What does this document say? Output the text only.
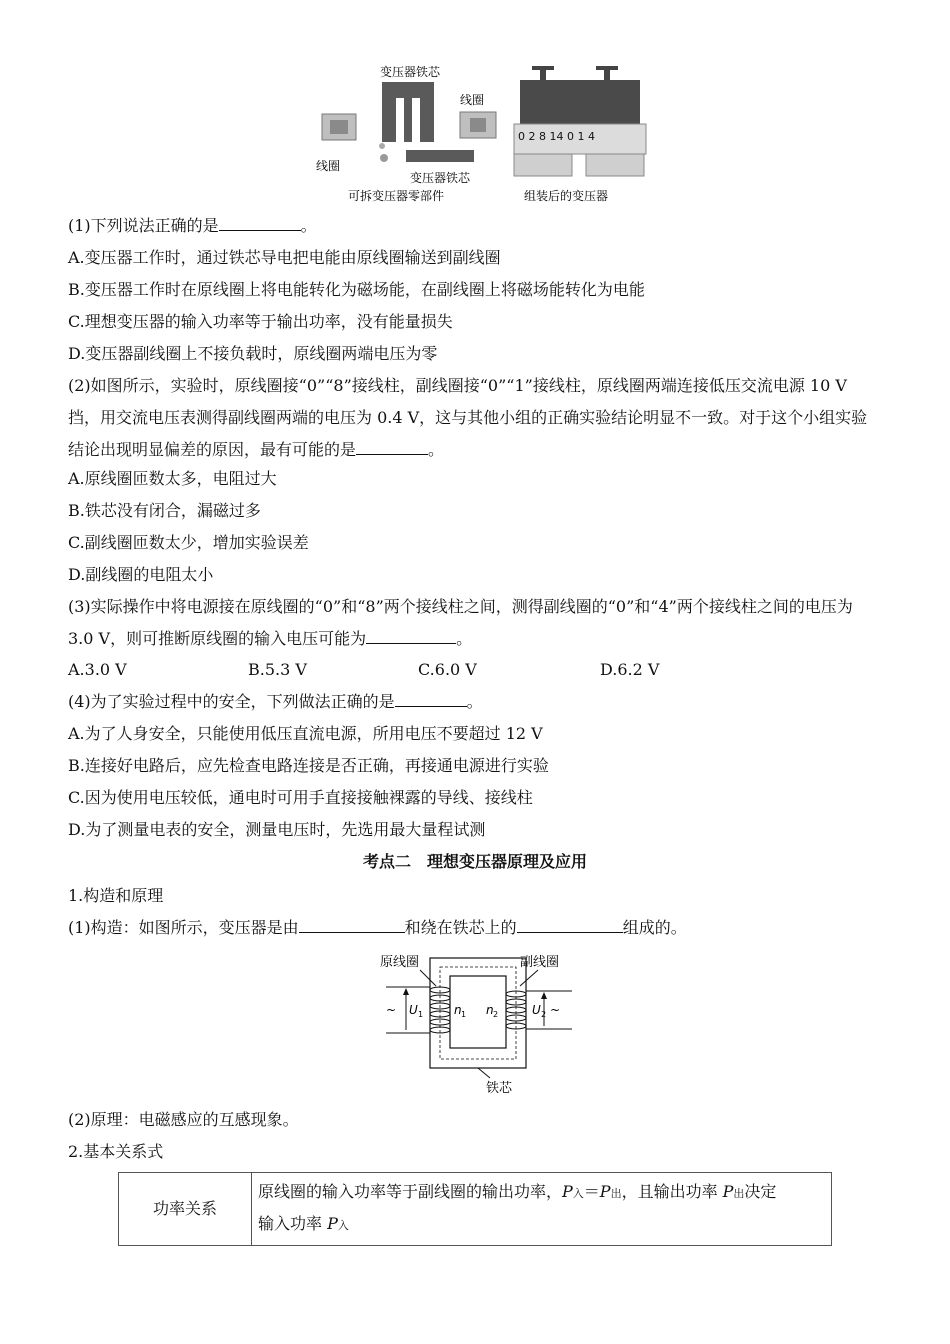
变压器铁芯
线圈
线圈
变压器铁芯
可拆变压器零部件
0 2 8 14 0 1 4
组装后的变压器
(1)下列说法正确的是	。
A.变压器工作时，通过铁芯导电把电能由原线圈输送到副线圈
B.变压器工作时在原线圈上将电能转化为磁场能，在副线圈上将磁场能转化为电能
C.理想变压器的输入功率等于输出功率，没有能量损失
D.变压器副线圈上不接负载时，原线圈两端电压为零
(2)如图所示，实验时，原线圈接“0”“8”接线柱，副线圈接“0”“1”接线柱，原线圈两端连接低压交流电源 10 V 挡，用交流电压表测得副线圈两端的电压为 0.4 V，这与其他小组的正确实验结论明显不一致。对于这个小组实验结论出现明显偏差的原因，最有可能的是	。
A.原线圈匝数太多，电阻过大
B.铁芯没有闭合，漏磁过多
C.副线圈匝数太少，增加实验误差
D.副线圈的电阻太小
(3)实际操作中将电源接在原线圈的“0”和“8”两个接线柱之间，测得副线圈的“0”和“4”两个接线柱之间的电压为 3.0 V，则可推断原线圈的输入电压可能为	。
A.3.0 V	B.5.3 V	C.6.0 V	D.6.2 V
(4)为了实验过程中的安全，下列做法正确的是	。
A.为了人身安全，只能使用低压直流电源，所用电压不要超过 12 V
B.连接好电路后，应先检查电路连接是否正确，再接通电源进行实验
C.因为使用电压较低，通电时可用手直接接触裸露的导线、接线柱
D.为了测量电表的安全，测量电压时，先选用最大量程试测
考点二　理想变压器原理及应用
1.构造和原理
(1)构造：如图所示，变压器是由	和绕在铁芯上的	组成的。
原线圈	副线圈
~ U 1	n 1 n 2	U 2 ~
铁芯
(2)原理：电磁感应的互感现象。
2.基本关系式
功率关系	原线圈的输入功率等于副线圈的输出功率，P入＝P出，且输出功率 P出决定
输入功率 P入
